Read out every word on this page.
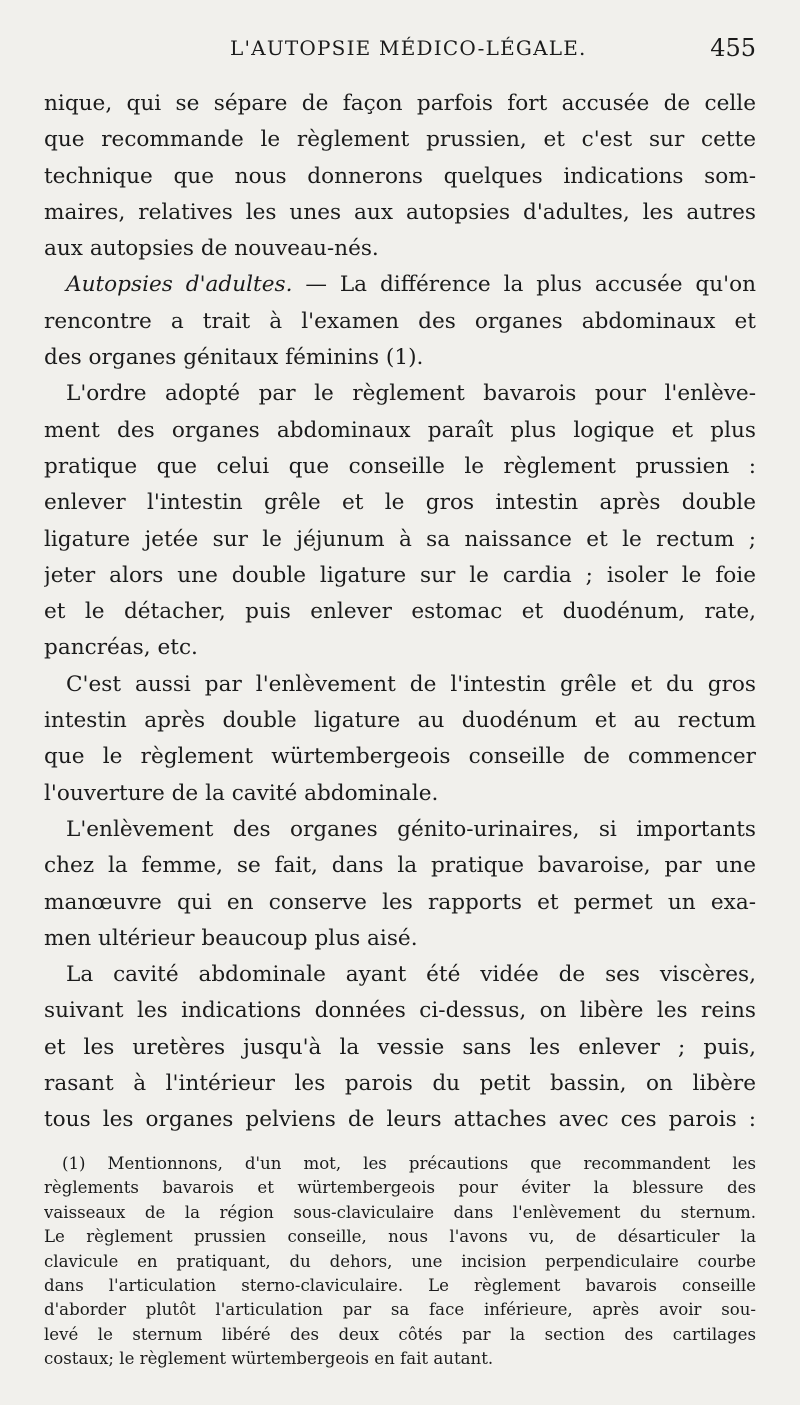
L'AUTOPSIE MÉDICO-LÉGALE.	455
nique, qui se sépare de façon parfois fort accusée de celle
que recommande le règlement prussien, et c'est sur cette
technique que nous donnerons quelques indications som-
maires, relatives les unes aux autopsies d'adultes, les autres
aux autopsies de nouveau-nés.
Autopsies d'adultes. — La différence la plus accusée qu'on
rencontre a trait à l'examen des organes abdominaux et
des organes génitaux féminins (1).
L'ordre adopté par le règlement bavarois pour l'enlève-
ment des organes abdominaux paraît plus logique et plus
pratique que celui que conseille le règlement prussien :
enlever l'intestin grêle et le gros intestin après double
ligature jetée sur le jéjunum à sa naissance et le rectum ;
jeter alors une double ligature sur le cardia ; isoler le foie
et le détacher, puis enlever estomac et duodénum, rate,
pancréas, etc.
C'est aussi par l'enlèvement de l'intestin grêle et du gros
intestin après double ligature au duodénum et au rectum
que le règlement würtembergeois conseille de commencer
l'ouverture de la cavité abdominale.
L'enlèvement des organes génito-urinaires, si importants
chez la femme, se fait, dans la pratique bavaroise, par une
manœuvre qui en conserve les rapports et permet un exa-
men ultérieur beaucoup plus aisé.
La cavité abdominale ayant été vidée de ses viscères,
suivant les indications données ci-dessus, on libère les reins
et les uretères jusqu'à la vessie sans les enlever ; puis,
rasant à l'intérieur les parois du petit bassin, on libère
tous les organes pelviens de leurs attaches avec ces parois :
(1) Mentionnons, d'un mot, les précautions que recommandent les
règlements bavarois et würtembergeois pour éviter la blessure des
vaisseaux de la région sous-claviculaire dans l'enlèvement du sternum.
Le règlement prussien conseille, nous l'avons vu, de désarticuler la
clavicule en pratiquant, du dehors, une incision perpendiculaire courbe
dans l'articulation sterno-claviculaire. Le règlement bavarois conseille
d'aborder plutôt l'articulation par sa face inférieure, après avoir sou-
levé le sternum libéré des deux côtés par la section des cartilages
costaux; le règlement würtembergeois en fait autant.
